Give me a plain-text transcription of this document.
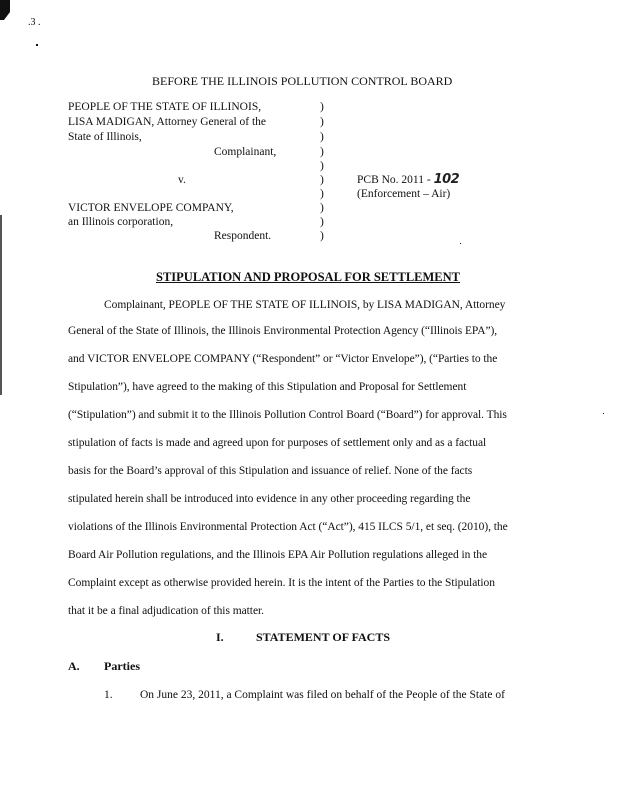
.3 .
BEFORE THE ILLINOIS POLLUTION CONTROL BOARD
PEOPLE OF THE STATE OF ILLINOIS,
LISA MADIGAN, Attorney General of the
State of Illinois,
Complainant,
v.
VICTOR ENVELOPE COMPANY,
an Illinois corporation,
Respondent.
)
)
)
)
)
)
)
)
)
)
PCB No. 2011 - 102
(Enforcement – Air)
STIPULATION AND PROPOSAL FOR SETTLEMENT

Complainant, PEOPLE OF THE STATE OF ILLINOIS, by LISA MADIGAN, Attorney

General of the State of Illinois, the Illinois Environmental Protection Agency (“Illinois EPA”),

and VICTOR ENVELOPE COMPANY (“Respondent” or “Victor Envelope”), (“Parties to the

Stipulation”), have agreed to the making of this Stipulation and Proposal for Settlement

(“Stipulation”) and submit it to the Illinois Pollution Control Board (“Board”) for approval. This

stipulation of facts is made and agreed upon for purposes of settlement only and as a factual

basis for the Board’s approval of this Stipulation and issuance of relief. None of the facts

stipulated herein shall be introduced into evidence in any other proceeding regarding the

violations of the Illinois Environmental Protection Act (“Act”), 415 ILCS 5/1, et seq. (2010), the

Board Air Pollution regulations, and the Illinois EPA Air Pollution regulations alleged in the

Complaint except as otherwise provided herein. It is the intent of the Parties to the Stipulation

that it be a final adjudication of this matter.

I.	STATEMENT OF FACTS
A. Parties
1. On June 23, 2011, a Complaint was filed on behalf of the People of the State of
